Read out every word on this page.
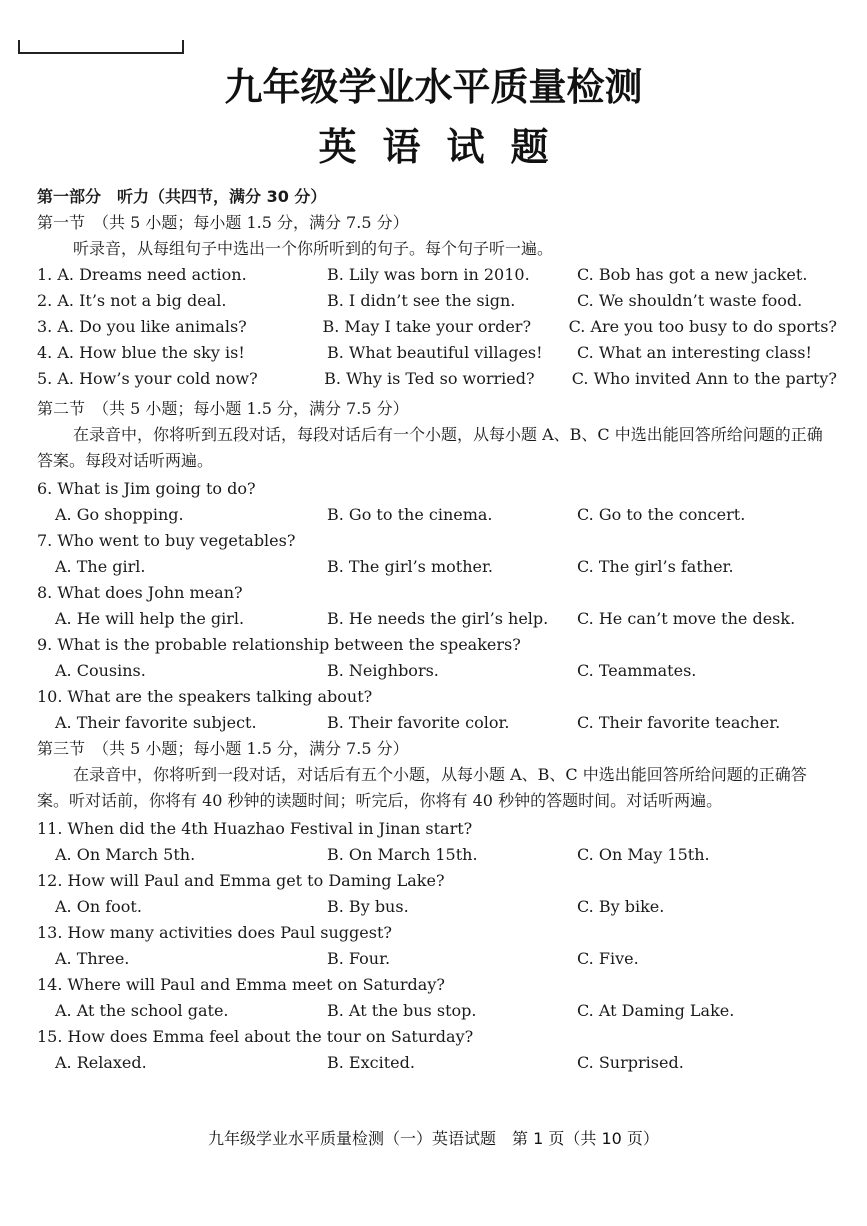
九年级学业水平质量检测
英语试题
第一部分　听力（共四节，满分 30 分）
第一节　（共 5 小题；每小题 1.5 分，满分 7.5 分）
听录音，从每组句子中选出一个你所听到的句子。每个句子听一遍。
1. A. Dreams need action.	B. Lily was born in 2010.	C. Bob has got a new jacket.
2. A. It’s not a big deal.	B. I didn’t see the sign.	C. We shouldn’t waste food.
3. A. Do you like animals?	B. May I take your order?	C. Are you too busy to do sports?
4. A. How blue the sky is!	B. What beautiful villages!	C. What an interesting class!
5. A. How’s your cold now?	B. Why is Ted so worried?	C. Who invited Ann to the party?
第二节　（共 5 小题；每小题 1.5 分，满分 7.5 分）
在录音中，你将听到五段对话，每段对话后有一个小题，从每小题 A、B、C 中选出能回答所给问题的正确答案。每段对话听两遍。
6. What is Jim going to do?
A. Go shopping.	B. Go to the cinema.	C. Go to the concert.
7. Who went to buy vegetables?
A. The girl.	B. The girl’s mother.	C. The girl’s father.
8. What does John mean?
A. He will help the girl.	B. He needs the girl’s help.	C. He can’t move the desk.
9. What is the probable relationship between the speakers?
A. Cousins.	B. Neighbors.	C. Teammates.
10. What are the speakers talking about?
A. Their favorite subject.	B. Their favorite color.	C. Their favorite teacher.
第三节　（共 5 小题；每小题 1.5 分，满分 7.5 分）
在录音中，你将听到一段对话，对话后有五个小题，从每小题 A、B、C 中选出能回答所给问题的正确答案。听对话前，你将有 40 秒钟的读题时间；听完后，你将有 40 秒钟的答题时间。对话听两遍。
11. When did the 4th Huazhao Festival in Jinan start?
A. On March 5th.	B. On March 15th.	C. On May 15th.
12. How will Paul and Emma get to Daming Lake?
A. On foot.	B. By bus.	C. By bike.
13. How many activities does Paul suggest?
A. Three.	B. Four.	C. Five.
14. Where will Paul and Emma meet on Saturday?
A. At the school gate.	B. At the bus stop.	C. At Daming Lake.
15. How does Emma feel about the tour on Saturday?
A. Relaxed.	B. Excited.	C. Surprised.
九年级学业水平质量检测（一）英语试题　第 1 页（共 10 页）
